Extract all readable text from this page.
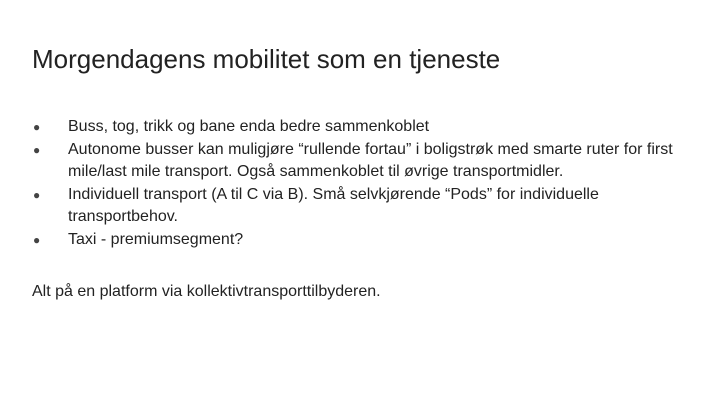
Morgendagens mobilitet som en tjeneste
●	Buss, tog, trikk og bane enda bedre sammenkoblet
●	Autonome busser kan muligjøre “rullende fortau” i boligstrøk med smarte ruter for first mile/last mile transport. Også sammenkoblet til øvrige transportmidler.
●	Individuell transport (A til C via B). Små selvkjørende “Pods” for individuelle transportbehov.
●	Taxi - premiumsegment?
Alt på en platform via kollektivtransporttilbyderen.
